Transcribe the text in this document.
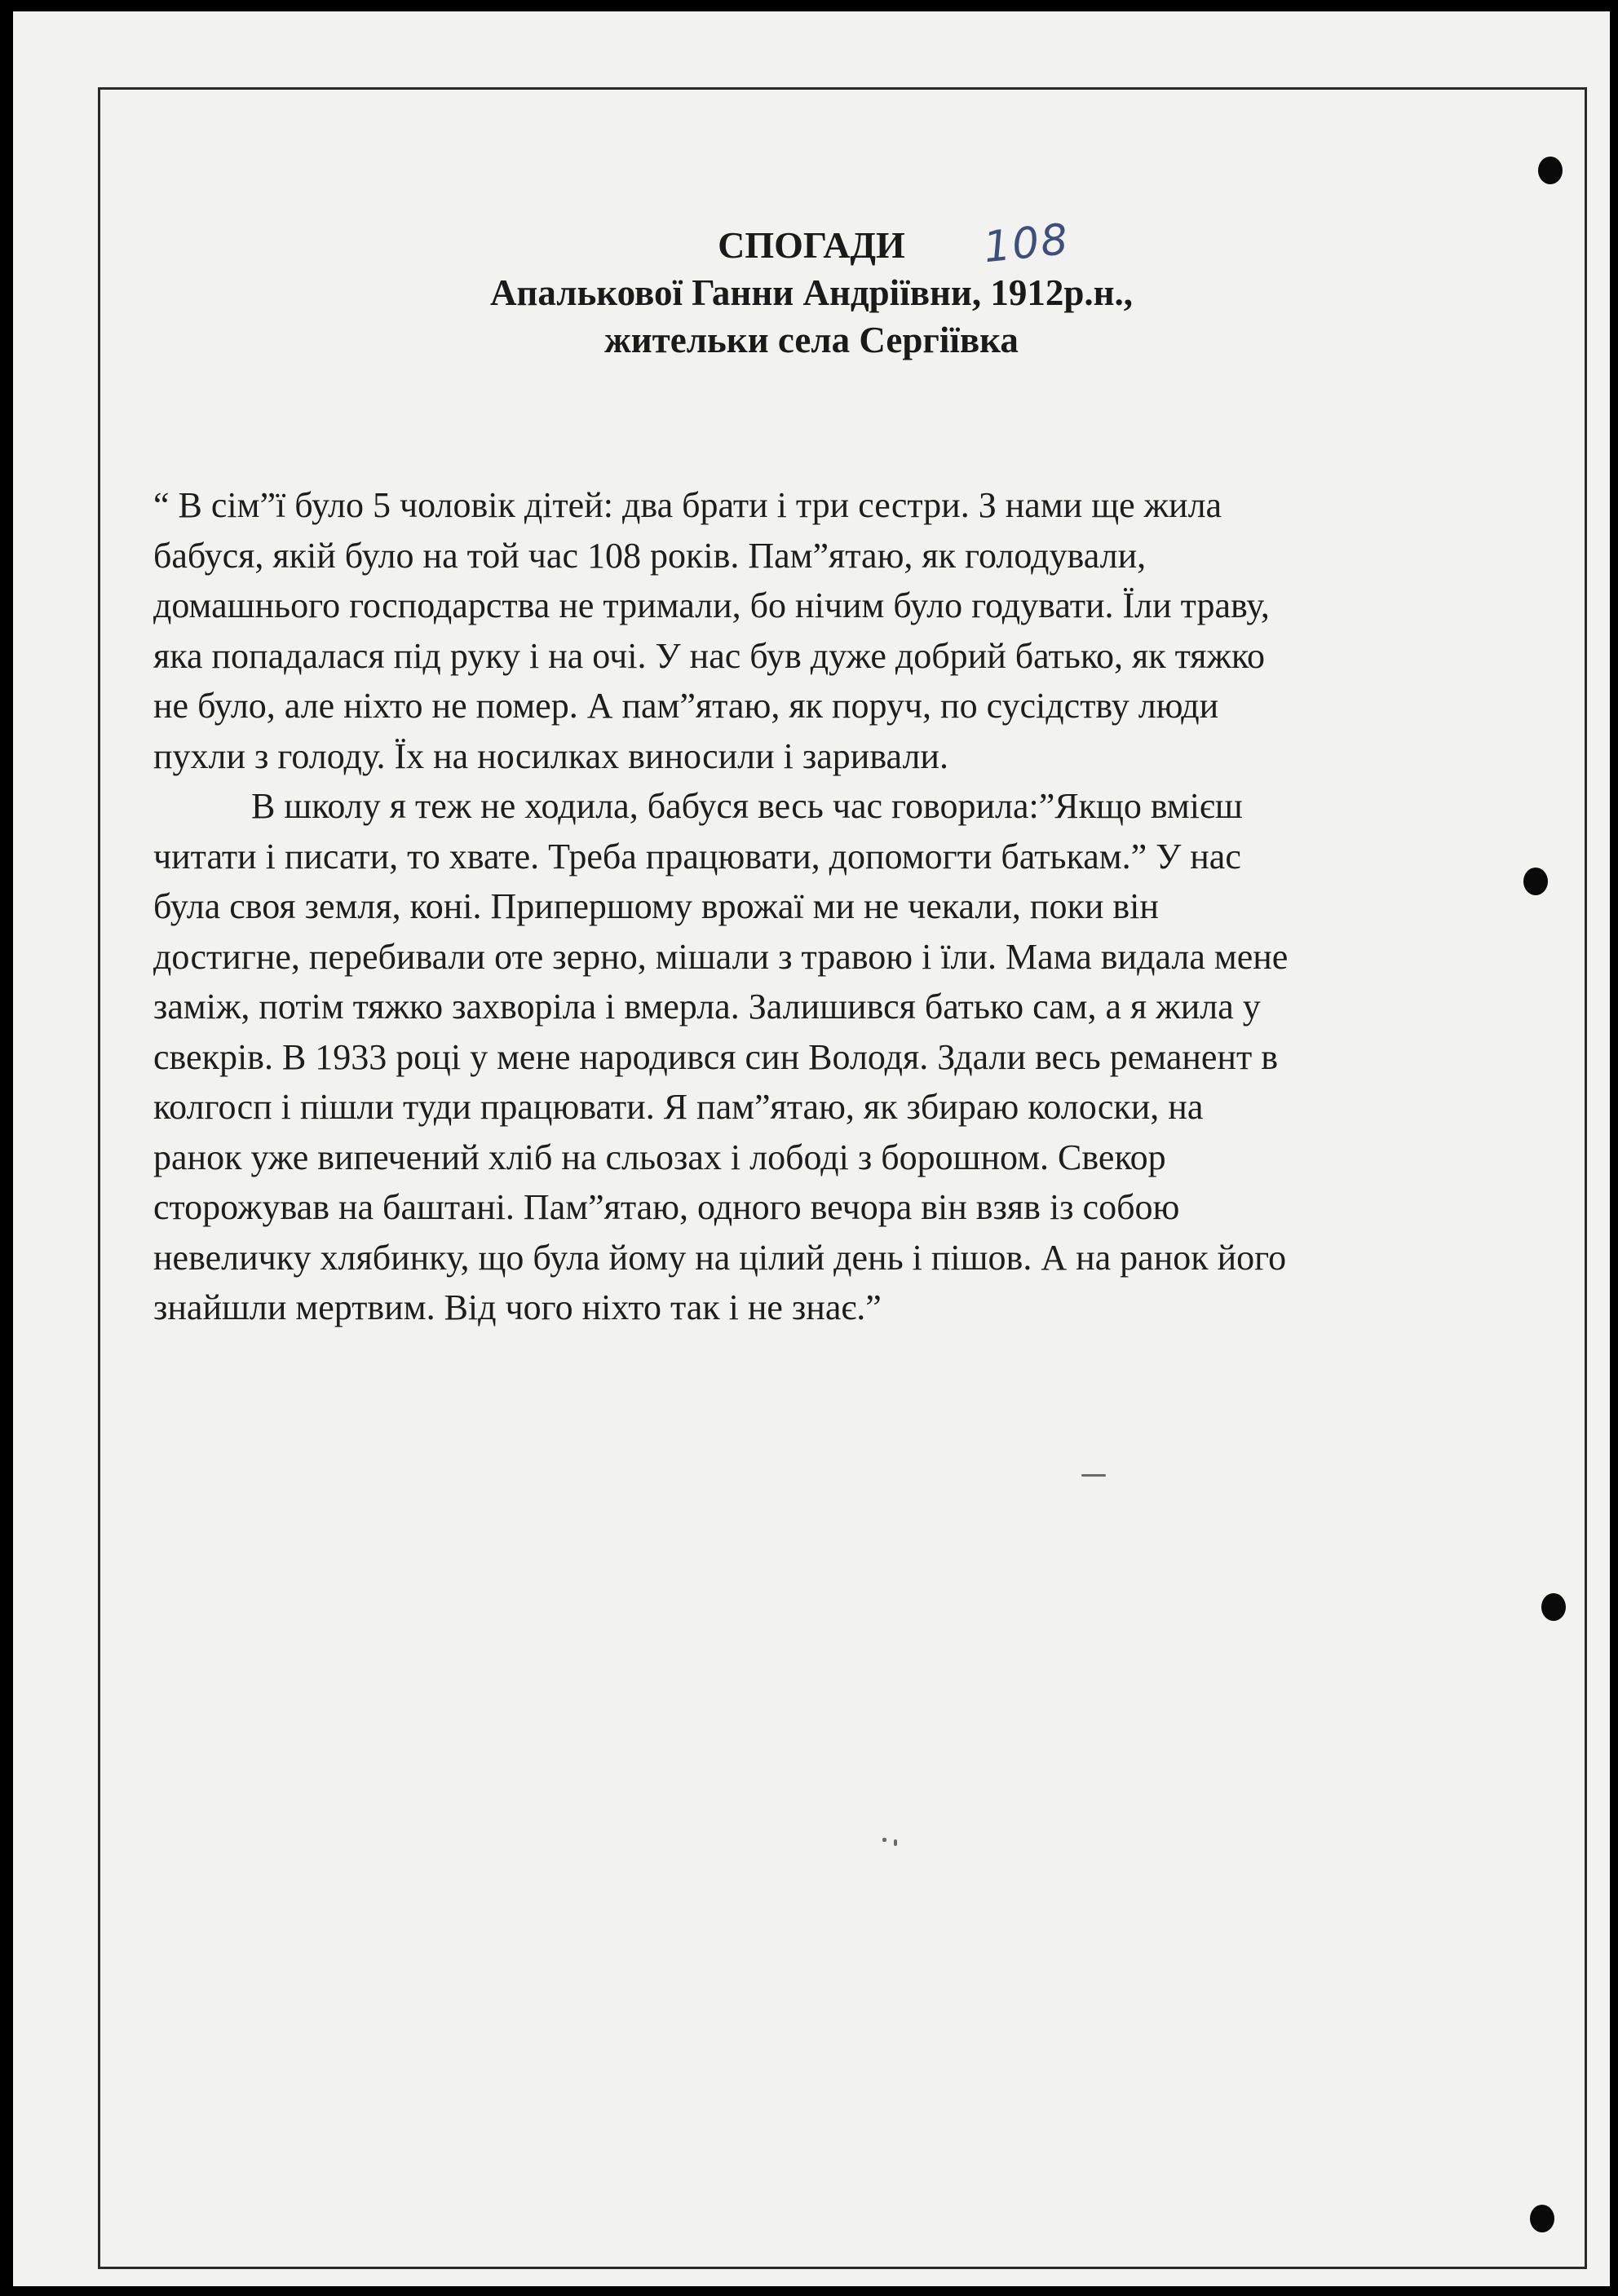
СПОГАДИ 108
Апалькової Ганни Андріївни, 1912р.н.,
жительки села Сергіївка
“ В сім”ї було 5 чоловік дітей: два брати і три сестри. З нами ще жила
бабуся, якій було на той час 108 років. Пам”ятаю, як голодували,
домашнього господарства не тримали, бо нічим було годувати. Їли траву,
яка попадалася під руку і на очі. У нас був дуже добрий батько, як тяжко
не було, але ніхто не помер. А пам”ятаю, як поруч, по сусідству люди
пухли з голоду. Їх на носилках виносили і заривали.
В школу я теж не ходила, бабуся весь час говорила:”Якщо вмієш
читати і писати, то хвате. Треба працювати, допомогти батькам.” У нас
була своя земля, коні. Припершому врожаї ми не чекали, поки він
достигне, перебивали оте зерно, мішали з травою і їли. Мама видала мене
заміж, потім тяжко захворіла і вмерла. Залишився батько сам, а я жила у
свекрів. В 1933 році у мене народився син Володя. Здали весь реманент в
колгосп і пішли туди працювати. Я пам”ятаю, як збираю колоски, на
ранок уже випечений хліб на сльозах і лободі з борошном. Свекор
сторожував на баштані. Пам”ятаю, одного вечора він взяв із собою
невеличку хлябинку, що була йому на цілий день і пішов. А на ранок його
знайшли мертвим. Від чого ніхто так і не знає.”
